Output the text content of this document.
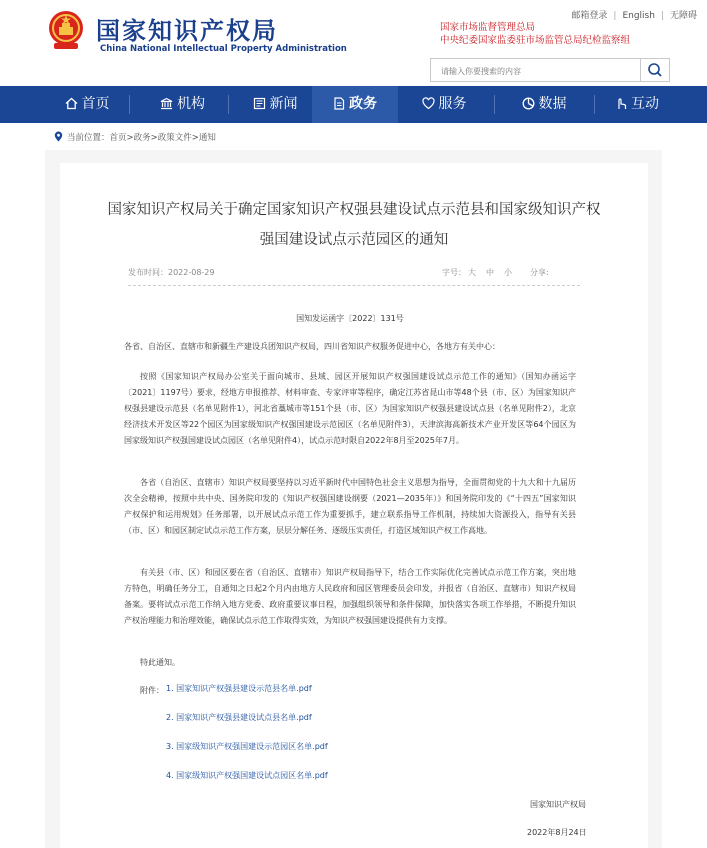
国家知识产权局
China National Intellectual Property Administration
邮箱登录 | English | 无障碍
国家市场监督管理总局
中央纪委国家监委驻市场监管总局纪检监察组
请输入你要搜索的内容
首页	机构	新闻	政务	服务	数据	互动
当前位置：首页>政务>政策文件>通知
国家知识产权局关于确定国家知识产权强县建设试点示范县和国家级知识产权
强国建设试点示范园区的通知
发布时间：2022-08-29	字号： 大 中 小 分享:
国知发运函字〔2022〕131号
各省、自治区、直辖市和新疆生产建设兵团知识产权局，四川省知识产权服务促进中心，各地方有关中心：
按照《国家知识产权局办公室关于面向城市、县域、园区开展知识产权强国建设试点示范工作的通知》（国知办函运字〔2021〕1197号）要求，经地方申报推荐、材料审查、专家评审等程序，确定江苏省昆山市等48个县（市、区）为国家知识产权强县建设示范县（名单见附件1），河北省藁城市等151个县（市、区）为国家知识产权强县建设试点县（名单见附件2），北京经济技术开发区等22个园区为国家级知识产权强国建设示范园区（名单见附件3），天津滨海高新技术产业开发区等64个园区为国家级知识产权强国建设试点园区（名单见附件4），试点示范时限自2022年8月至2025年7月。
各省（自治区、直辖市）知识产权局要坚持以习近平新时代中国特色社会主义思想为指导，全面贯彻党的十九大和十九届历次全会精神，按照中共中央、国务院印发的《知识产权强国建设纲要（2021—2035年）》和国务院印发的《“十四五”国家知识产权保护和运用规划》任务部署，以开展试点示范工作为重要抓手，建立联系指导工作机制，持续加大资源投入，指导有关县（市、区）和园区制定试点示范工作方案，层层分解任务、逐级压实责任，打造区域知识产权工作高地。
有关县（市、区）和园区要在省（自治区、直辖市）知识产权局指导下，结合工作实际优化完善试点示范工作方案，突出地方特色，明确任务分工，自通知之日起2个月内由地方人民政府和园区管理委员会印发，并报省（自治区、直辖市）知识产权局备案。要将试点示范工作纳入地方党委、政府重要议事日程，加强组织领导和条件保障，加快落实各项工作举措，不断提升知识产权治理能力和治理效能，确保试点示范工作取得实效，为知识产权强国建设提供有力支撑。
特此通知。
附件： 1. 国家知识产权强县建设示范县名单.pdf
2. 国家知识产权强县建设试点县名单.pdf
3. 国家级知识产权强国建设示范园区名单.pdf
4. 国家级知识产权强国建设试点园区名单.pdf
国家知识产权局
2022年8月24日
